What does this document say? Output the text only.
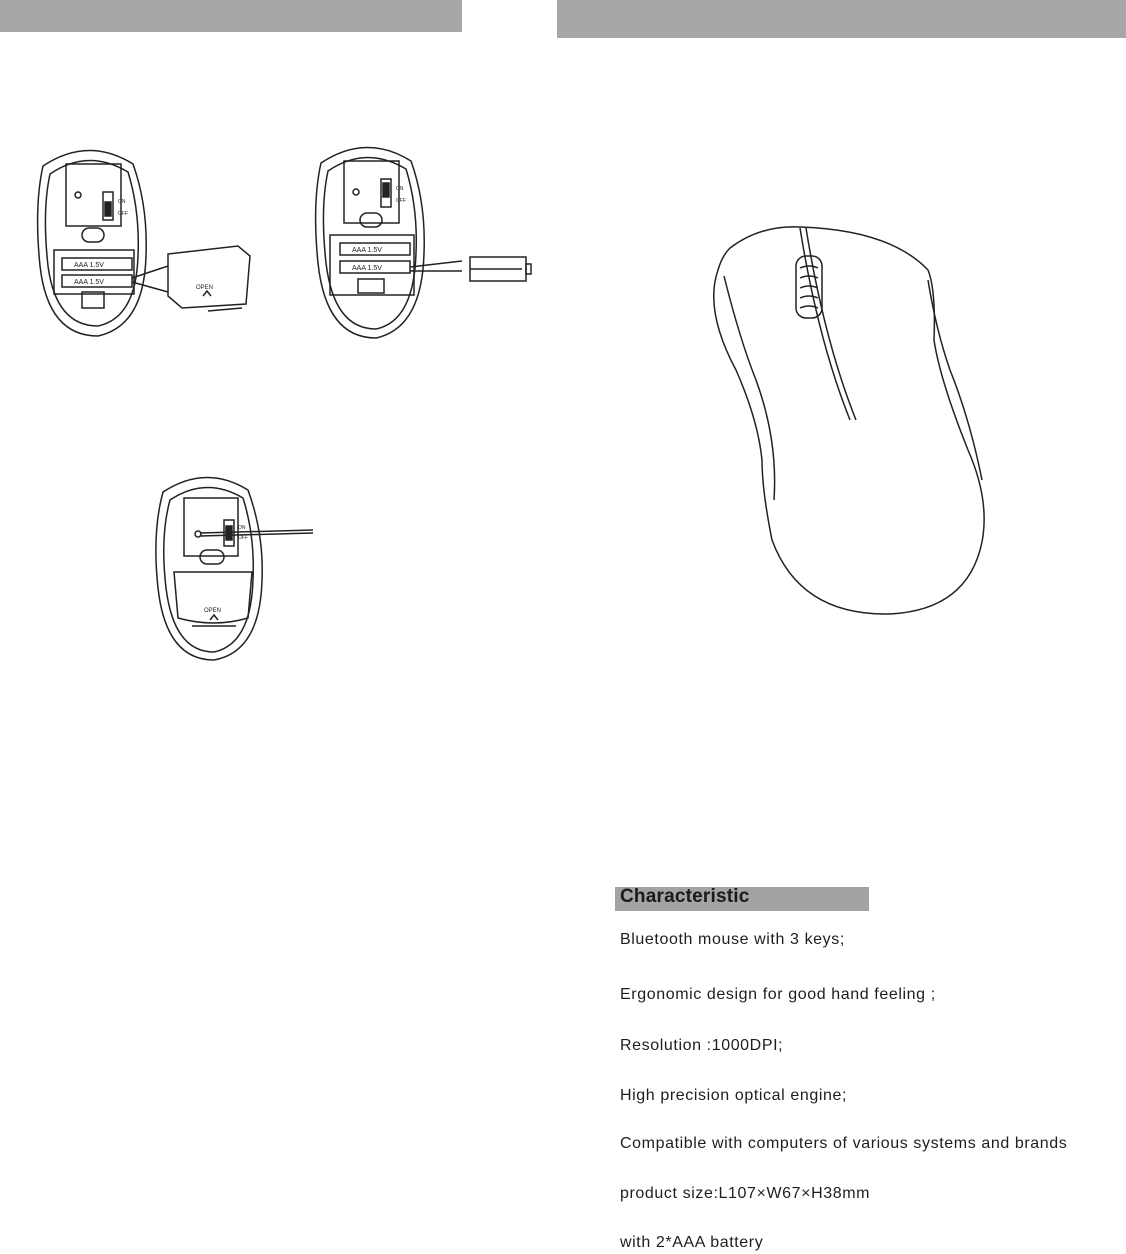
ON
OFF
AAA 1.5V
AAA 1.5V
OPEN
ON
OFF
AAA 1.5V
AAA 1.5V
ON
OFF
OPEN
Characteristic
Bluetooth mouse with 3 keys;
Ergonomic design for good hand feeling ;
Resolution :1000DPI;
High precision optical engine;
Compatible with computers of various systems and brands
product size:L107×W67×H38mm
with 2*AAA battery
